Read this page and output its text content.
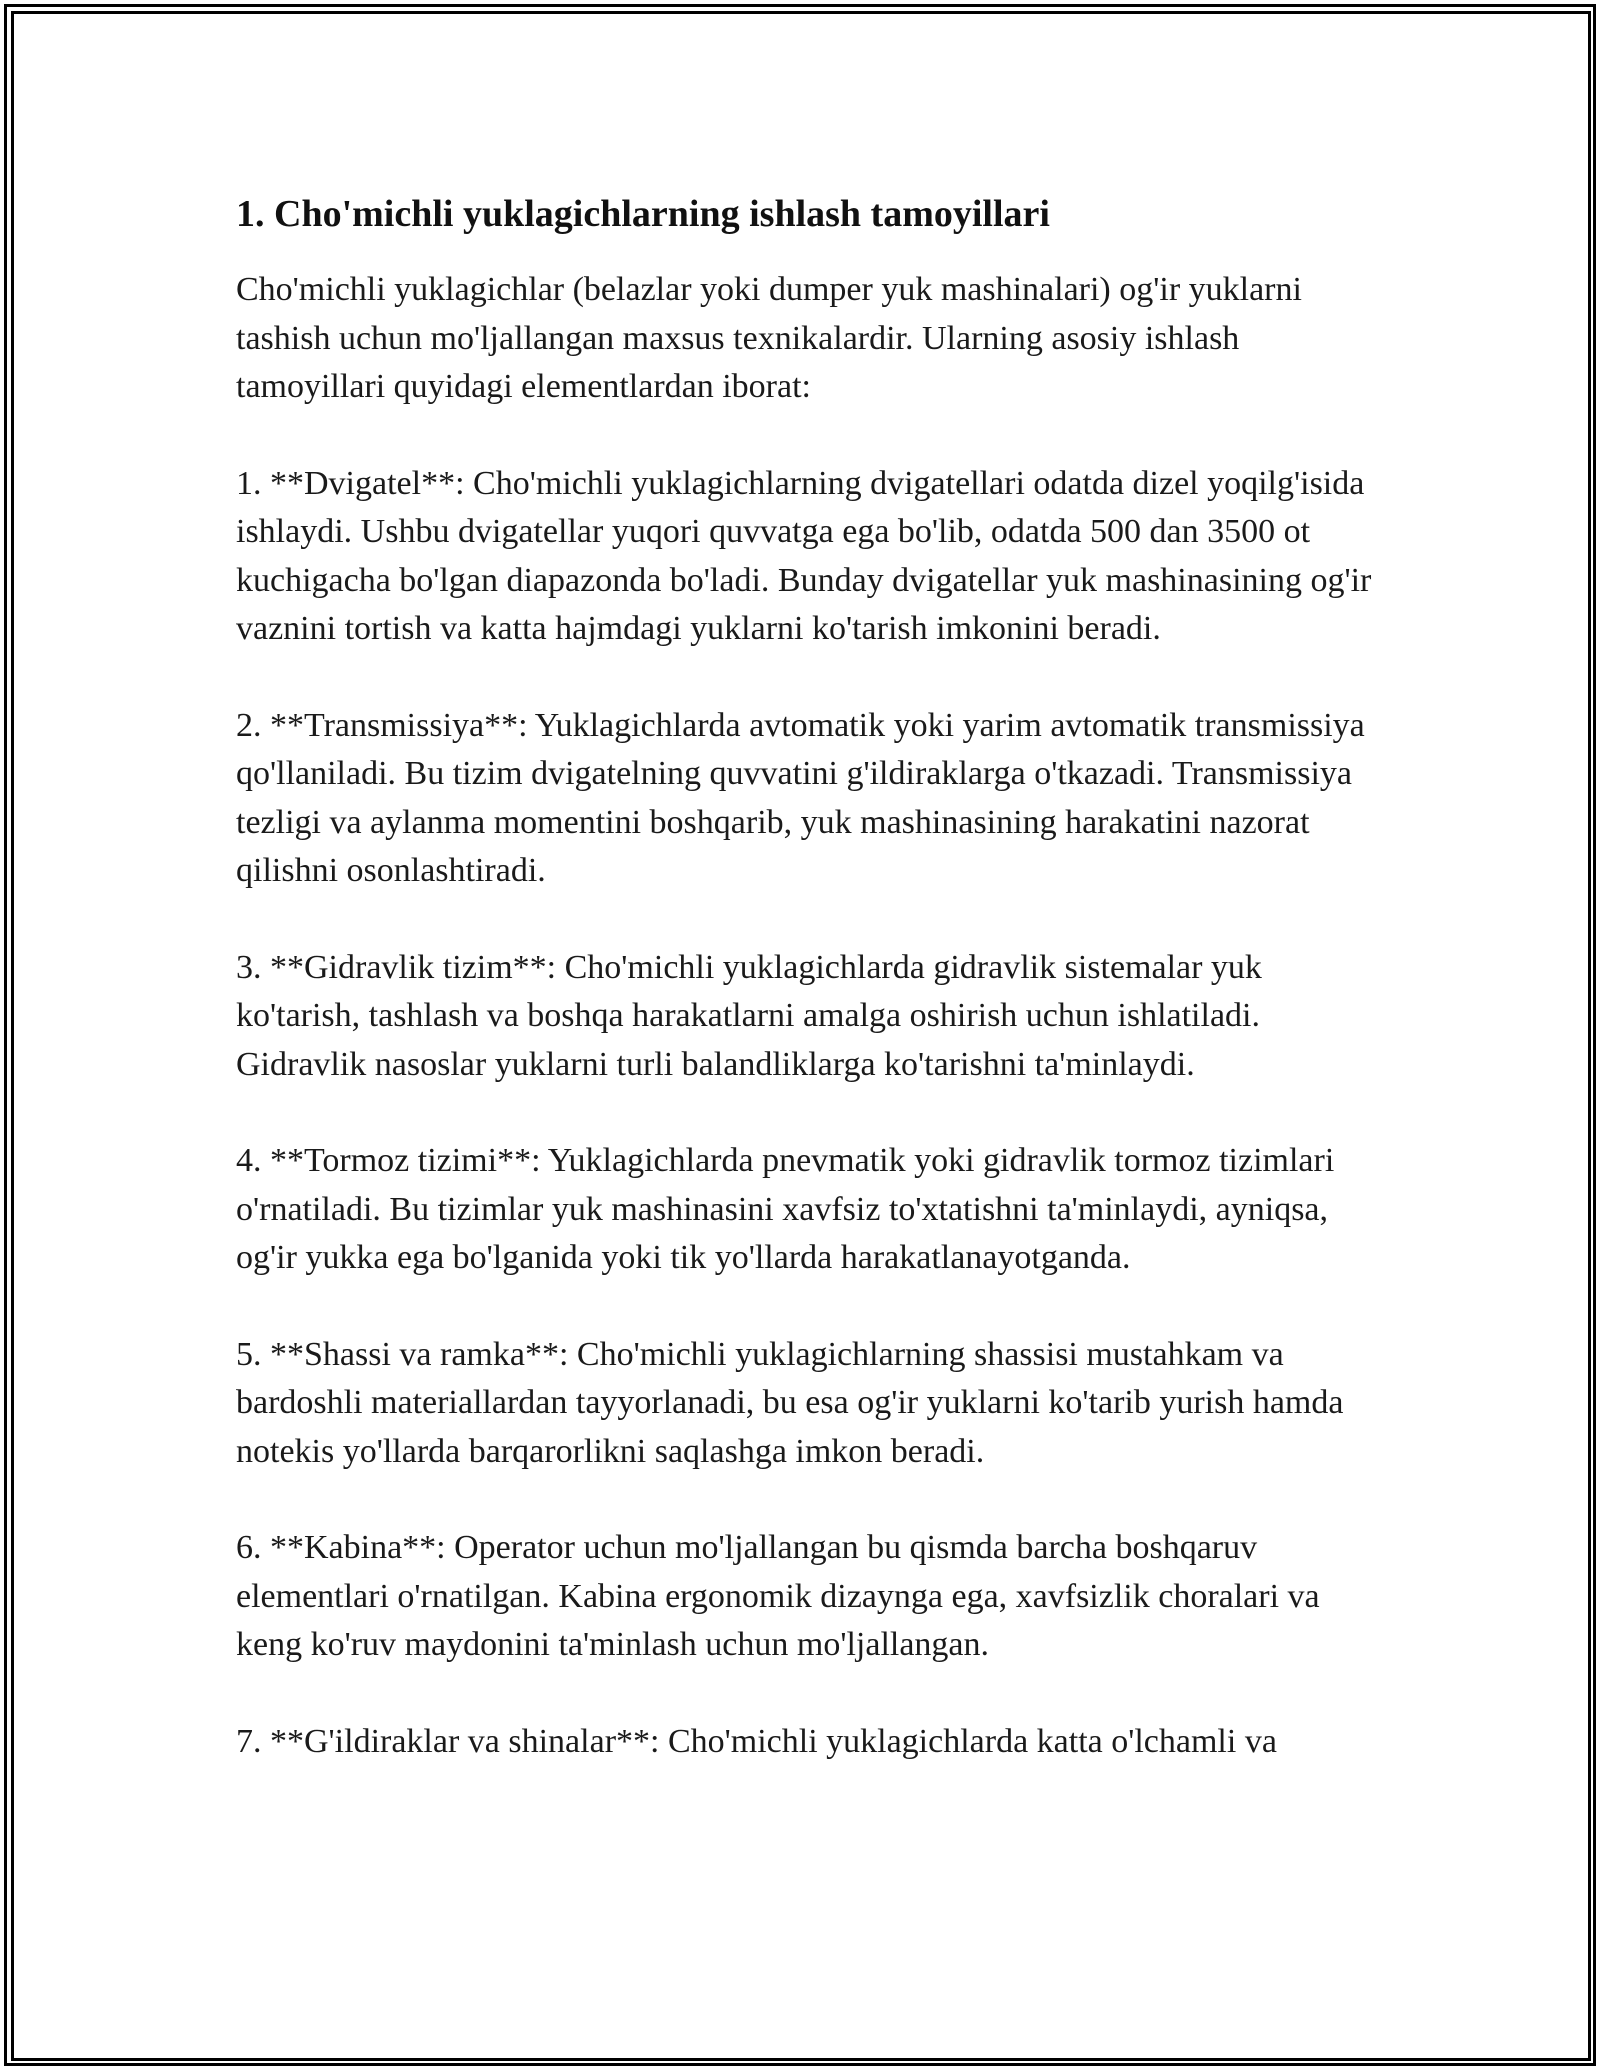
1. Cho'michli yuklagichlarning ishlash tamoyillari

Cho'michli yuklagichlar (belazlar yoki dumper yuk mashinalari) og'ir yuklarni tashish uchun mo'ljallangan maxsus texnikalardir. Ularning asosiy ishlash tamoyillari quyidagi elementlardan iborat:

1. **Dvigatel**: Cho'michli yuklagichlarning dvigatellari odatda dizel yoqilg'isida ishlaydi. Ushbu dvigatellar yuqori quvvatga ega bo'lib, odatda 500 dan 3500 ot kuchigacha bo'lgan diapazonda bo'ladi. Bunday dvigatellar yuk mashinasining og'ir vaznini tortish va katta hajmdagi yuklarni ko'tarish imkonini beradi.

2. **Transmissiya**: Yuklagichlarda avtomatik yoki yarim avtomatik transmissiya qo'llaniladi. Bu tizim dvigatelning quvvatini g'ildiraklarga o'tkazadi. Transmissiya tezligi va aylanma momentini boshqarib, yuk mashinasining harakatini nazorat qilishni osonlashtiradi.

3. **Gidravlik tizim**: Cho'michli yuklagichlarda gidravlik sistemalar yuk ko'tarish, tashlash va boshqa harakatlarni amalga oshirish uchun ishlatiladi. Gidravlik nasoslar yuklarni turli balandliklarga ko'tarishni ta'minlaydi.

4. **Tormoz tizimi**: Yuklagichlarda pnevmatik yoki gidravlik tormoz tizimlari o'rnatiladi. Bu tizimlar yuk mashinasini xavfsiz to'xtatishni ta'minlaydi, ayniqsa, og'ir yukka ega bo'lganida yoki tik yo'llarda harakatlanayotganda.

5. **Shassi va ramka**: Cho'michli yuklagichlarning shassisi mustahkam va bardoshli materiallardan tayyorlanadi, bu esa og'ir yuklarni ko'tarib yurish hamda notekis yo'llarda barqarorlikni saqlashga imkon beradi.

6. **Kabina**: Operator uchun mo'ljallangan bu qismda barcha boshqaruv elementlari o'rnatilgan. Kabina ergonomik dizaynga ega, xavfsizlik choralari va keng ko'ruv maydonini ta'minlash uchun mo'ljallangan.

7. **G'ildiraklar va shinalar**: Cho'michli yuklagichlarda katta o'lchamli va
